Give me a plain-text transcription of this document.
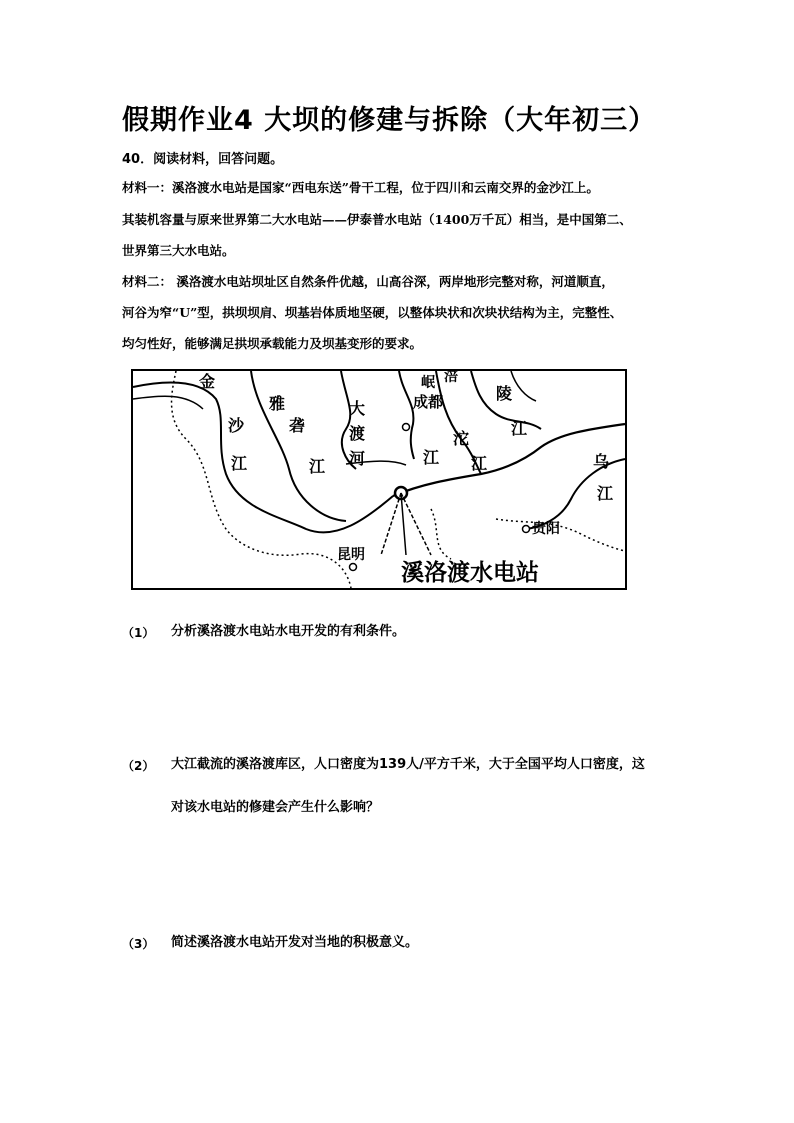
假期作业4 大坝的修建与拆除（大年初三）
40．阅读材料，回答问题。
材料一：溪洛渡水电站是国家“西电东送”骨干工程，位于四川和云南交界的金沙江上。
其装机容量与原来世界第二大水电站——伊泰普水电站（1400万千瓦）相当，是中国第二、
世界第三大水电站。
材料二： 溪洛渡水电站坝址区自然条件优越，山高谷深，两岸地形完整对称，河道顺直，
河谷为窄“U”型，拱坝坝肩、坝基岩体质地坚硬，以整体块状和次块状结构为主，完整性、
均匀性好，能够满足拱坝承载能力及坝基变形的要求。
金
沙
江
雅
砻
江
大
渡
河
岷
成都
江
沱
江
涪
陵
江
乌
江
贵阳
昆明
溪洛渡水电站
（1） 分析溪洛渡水电站水电开发的有利条件。
（2） 大江截流的溪洛渡库区，人口密度为139人/平方千米，大于全国平均人口密度，这
对该水电站的修建会产生什么影响？
（3） 简述溪洛渡水电站开发对当地的积极意义。
